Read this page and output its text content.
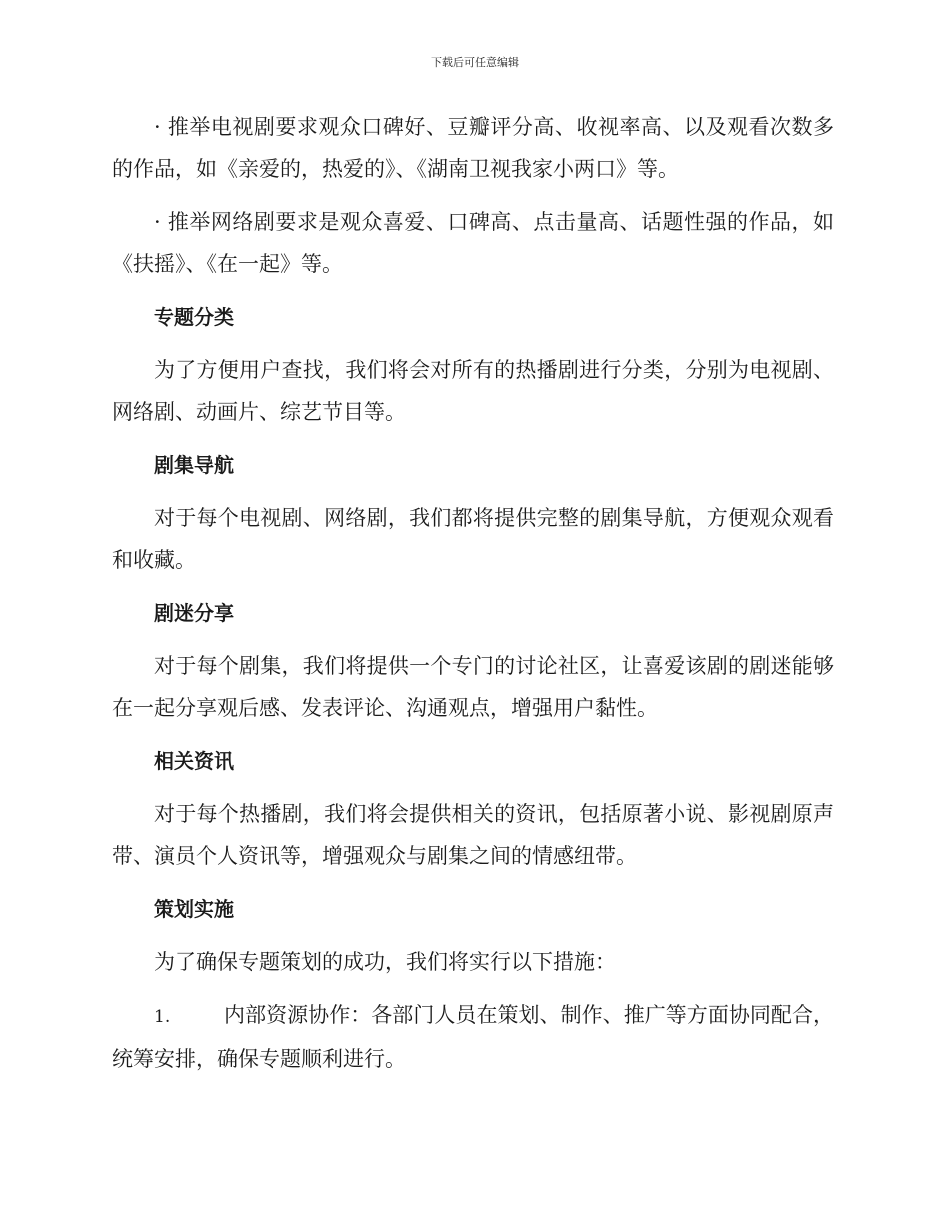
下载后可任意编辑

· 推举电视剧要求观众口碑好、豆瓣评分高、收视率高、以及观看次数多的作品，如《亲爱的，热爱的》、《湖南卫视我家小两口》等。

· 推举网络剧要求是观众喜爱、口碑高、点击量高、话题性强的作品，如《扶摇》、《在一起》等。

专题分类

为了方便用户查找，我们将会对所有的热播剧进行分类，分别为电视剧、网络剧、动画片、综艺节目等。

剧集导航

对于每个电视剧、网络剧，我们都将提供完整的剧集导航，方便观众观看和收藏。

剧迷分享

对于每个剧集，我们将提供一个专门的讨论社区，让喜爱该剧的剧迷能够在一起分享观后感、发表评论、沟通观点，增强用户黏性。

相关资讯

对于每个热播剧，我们将会提供相关的资讯，包括原著小说、影视剧原声带、演员个人资讯等，增强观众与剧集之间的情感纽带。

策划实施

为了确保专题策划的成功，我们将实行以下措施：

1.	内部资源协作：各部门人员在策划、制作、推广等方面协同配合，统筹安排，确保专题顺利进行。
